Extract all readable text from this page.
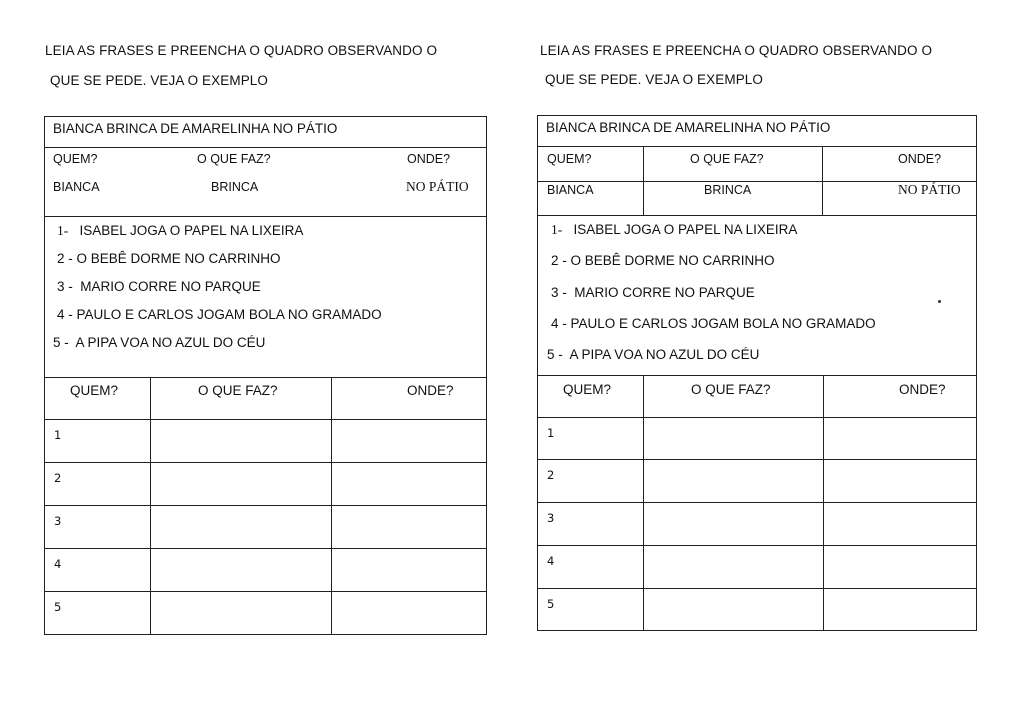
LEIA AS FRASES E PREENCHA O QUADRO OBSERVANDO O
QUE SE PEDE. VEJA O EXEMPLO
BIANCA BRINCA DE AMARELINHA NO PÁTIO
QUEM?	O QUE FAZ?	ONDE?
BIANCA	BRINCA	NO PÁTIO
1- ISABEL JOGA O PAPEL NA LIXEIRA
2 - O BEBÊ DORME NO CARRINHO
3 - MARIO CORRE NO PARQUE
4 - PAULO E CARLOS JOGAM BOLA NO GRAMADO
5 - A PIPA VOA NO AZUL DO CÉU
QUEM?	O QUE FAZ?	ONDE?
1
2
3
4
5
LEIA AS FRASES E PREENCHA O QUADRO OBSERVANDO O
QUE SE PEDE. VEJA O EXEMPLO
BIANCA BRINCA DE AMARELINHA NO PÁTIO
QUEM?	O QUE FAZ?	ONDE?
BIANCA	BRINCA	NO PÁTIO
1- ISABEL JOGA O PAPEL NA LIXEIRA
2 - O BEBÊ DORME NO CARRINHO
3 - MARIO CORRE NO PARQUE
4 - PAULO E CARLOS JOGAM BOLA NO GRAMADO
5 - A PIPA VOA NO AZUL DO CÉU
QUEM?	O QUE FAZ?	ONDE?
1
2
3
4
5
